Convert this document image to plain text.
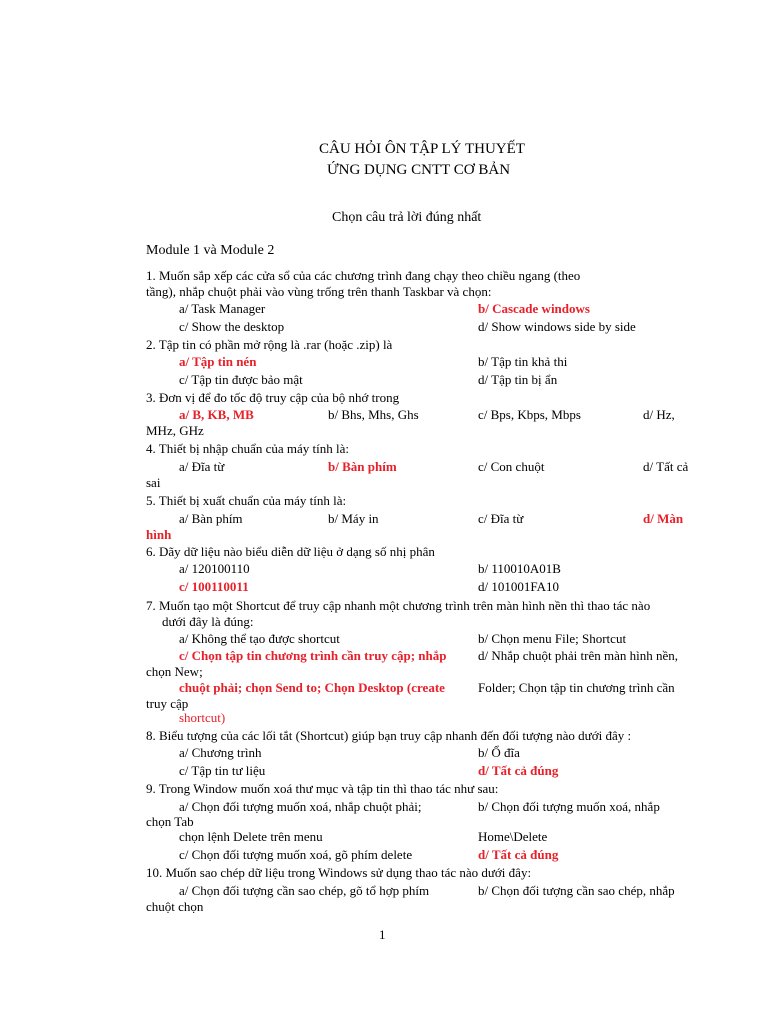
CÂU HỎI ÔN TẬP LÝ THUYẾT
ỨNG DỤNG CNTT CƠ BẢN
Chọn câu trả lời đúng nhất
Module 1 và Module 2
1. Muốn sắp xếp các cửa sổ của các chương trình đang chạy theo chiều ngang (theo
tầng), nhắp chuột phải vào vùng trống trên thanh Taskbar và chọn:
a/ Task Manager	b/ Cascade windows
c/ Show the desktop	d/ Show windows side by side
2. Tập tin có phần mở rộng là .rar (hoặc .zip) là
a/ Tập tin nén	b/ Tập tin khả thi
c/ Tập tin được bảo mật	d/ Tập tin bị ẩn
3. Đơn vị để đo tốc độ truy cập của bộ nhớ trong
a/ B, KB, MB	b/ Bhs, Mhs, Ghs	c/ Bps, Kbps, Mbps	d/ Hz,
MHz, GHz
4. Thiết bị nhập chuẩn của máy tính là:
a/ Đĩa từ	b/ Bàn phím	c/ Con chuột	d/ Tất cả
sai
5. Thiết bị xuất chuẩn của máy tính là:
a/ Bàn phím	b/ Máy in	c/ Đĩa từ	d/ Màn
hình
6. Dãy dữ liệu nào biểu diễn dữ liệu ở dạng số nhị phân
a/ 120100110	b/ 110010A01B
c/ 100110011	d/ 101001FA10
7. Muốn tạo một Shortcut để truy cập nhanh một chương trình trên màn hình nền thì thao tác nào
dưới đây là đúng:
a/ Không thể tạo được shortcut	b/ Chọn menu File; Shortcut
c/ Chọn tập tin chương trình cần truy cập; nhắp d/ Nhắp chuột phải trên màn hình nền,
chọn New;
chuột phải; chọn Send to; Chọn Desktop (create	Folder; Chọn tập tin chương trình cần
truy cập
shortcut)
8. Biểu tượng của các lối tắt (Shortcut) giúp bạn truy cập nhanh đến đối tượng nào dưới đây :
a/ Chương trình	b/ Ổ đĩa
c/ Tập tin tư liệu	d/ Tất cả đúng
9. Trong Window muốn xoá thư mục và tập tin thì thao tác như sau:
a/ Chọn đối tượng muốn xoá, nhắp chuột phải;	b/ Chọn đối tượng muốn xoá, nhắp
chọn Tab
chọn lệnh Delete trên menu	Home\Delete
c/ Chọn đối tượng muốn xoá, gõ phím delete	d/ Tất cả đúng
10. Muốn sao chép dữ liệu trong Windows sử dụng thao tác nào dưới đây:
a/ Chọn đối tượng cần sao chép, gõ tổ hợp phím	b/ Chọn đối tượng cần sao chép, nhắp
chuột chọn
1
